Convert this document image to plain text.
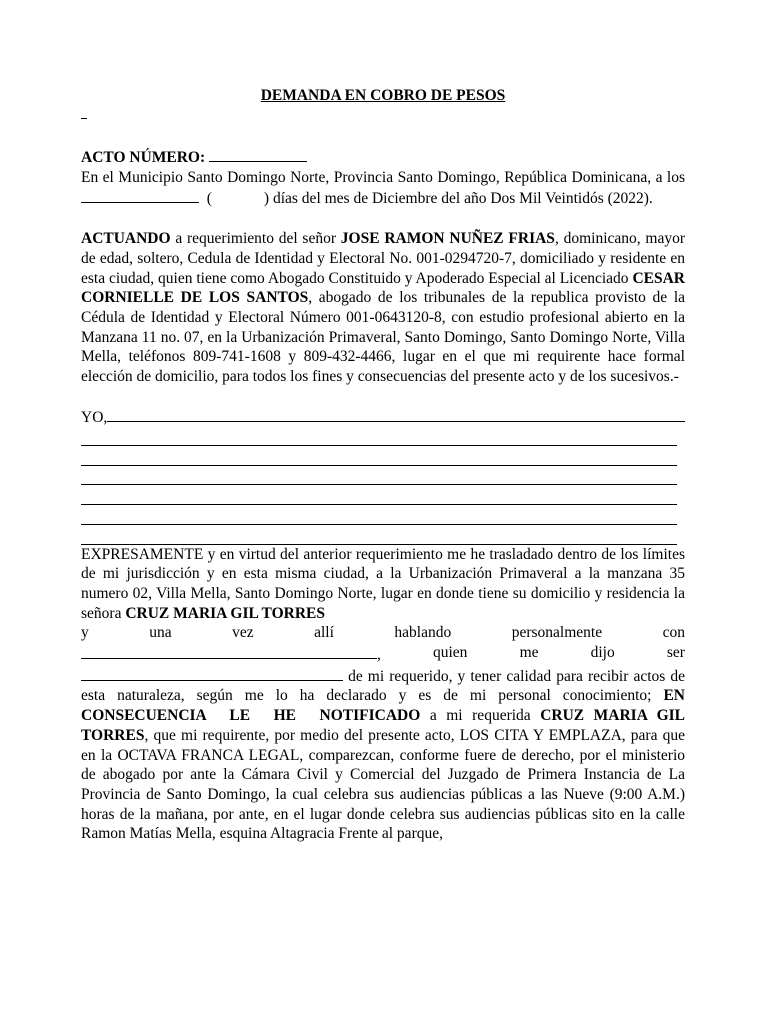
DEMANDA EN COBRO DE PESOS

ACTO NÚMERO:

En el Municipio Santo Domingo Norte, Provincia Santo Domingo, República Dominicana, a los   (	) días del mes de Diciembre del año Dos Mil Veintidós (2022).

ACTUANDO a requerimiento del señor JOSE RAMON NUÑEZ FRIAS, dominicano, mayor de edad, soltero, Cedula de Identidad y Electoral No. 001-0294720-7, domiciliado y residente en esta ciudad, quien tiene como Abogado Constituido y Apoderado Especial al Licenciado CESAR CORNIELLE DE LOS SANTOS, abogado de los tribunales de la republica provisto de la Cédula de Identidad y Electoral Número 001-0643120-8, con estudio profesional abierto en la Manzana 11 no. 07, en la Urbanización Primaveral, Santo Domingo, Santo Domingo Norte, Villa Mella, teléfonos 809-741-1608 y 809-432-4466, lugar en el que mi requirente hace formal elección de domicilio, para todos los fines y consecuencias del presente acto y de los sucesivos.-

YO,

EXPRESAMENTE y en virtud del anterior requerimiento me he trasladado dentro de los límites de mi jurisdicción y en esta misma ciudad, a la Urbanización Primaveral a la manzana 35 numero 02, Villa Mella, Santo Domingo Norte, lugar en donde tiene su domicilio y residencia la señora CRUZ MARIA GIL TORRES

y	una	vez	allí	hablando	personalmente	con
,	quien	me	dijo	ser

de mi requerido, y tener calidad para recibir actos de esta naturaleza, según me lo ha declarado y es de mi personal conocimiento; EN CONSECUENCIA LE HE NOTIFICADO a mi requerida CRUZ MARIA GIL TORRES, que mi requirente, por medio del presente acto, LOS CITA Y EMPLAZA, para que en la OCTAVA FRANCA LEGAL, comparezcan, conforme fuere de derecho, por el ministerio de abogado por ante la Cámara Civil y Comercial del Juzgado de Primera Instancia de La Provincia de Santo Domingo, la cual celebra sus audiencias públicas a las Nueve (9:00 A.M.) horas de la mañana, por ante, en el lugar donde celebra sus audiencias públicas sito en la calle Ramon Matías Mella, esquina Altagracia Frente al parque,
